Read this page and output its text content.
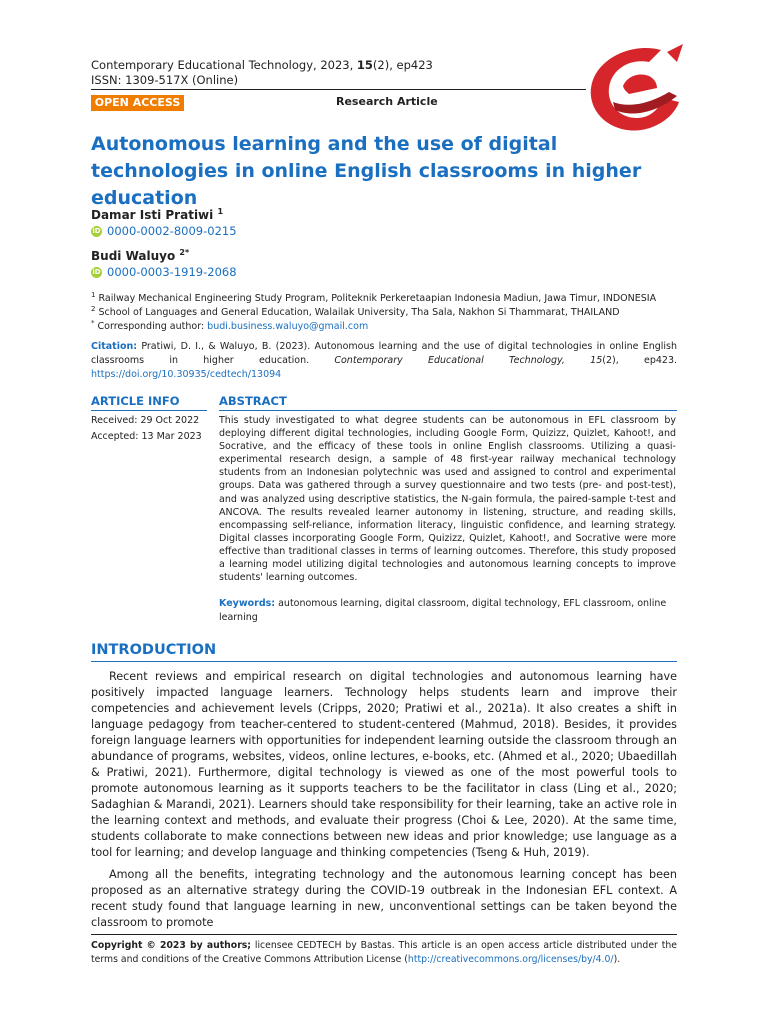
Contemporary Educational Technology, 2023, 15(2), ep423
ISSN: 1309-517X (Online)
OPEN ACCESS	Research Article
Autonomous learning and the use of digital technologies in online English classrooms in higher education
Damar Isti Pratiwi $^1$
iD 0000-0002-8009-0215
Budi Waluyo $^{2*}$
iD 0000-0003-1919-2068
$^1$ Railway Mechanical Engineering Study Program, Politeknik Perkeretaapian Indonesia Madiun, Jawa Timur, INDONESIA
$^2$ School of Languages and General Education, Walailak University, Tha Sala, Nakhon Si Thammarat, THAILAND
* Corresponding author: budi.business.waluyo@gmail.com
Citation: Pratiwi, D. I., & Waluyo, B. (2023). Autonomous learning and the use of digital technologies in online English classrooms in higher education. Contemporary Educational Technology, 15(2), ep423. https://doi.org/10.30935/cedtech/13094
ARTICLE INFO
Received: 29 Oct 2022
Accepted: 13 Mar 2023
ABSTRACT
This study investigated to what degree students can be autonomous in EFL classroom by deploying different digital technologies, including Google Form, Quizizz, Quizlet, Kahoot!, and Socrative, and the efficacy of these tools in online English classrooms. Utilizing a quasi-experimental research design, a sample of 48 first-year railway mechanical technology students from an Indonesian polytechnic was used and assigned to control and experimental groups. Data was gathered through a survey questionnaire and two tests (pre- and post-test), and was analyzed using descriptive statistics, the N-gain formula, the paired-sample t-test and ANCOVA. The results revealed learner autonomy in listening, structure, and reading skills, encompassing self-reliance, information literacy, linguistic confidence, and learning strategy. Digital classes incorporating Google Form, Quizizz, Quizlet, Kahoot!, and Socrative were more effective than traditional classes in terms of learning outcomes. Therefore, this study proposed a learning model utilizing digital technologies and autonomous learning concepts to improve students' learning outcomes.
Keywords: autonomous learning, digital classroom, digital technology, EFL classroom, online learning
INTRODUCTION

Recent reviews and empirical research on digital technologies and autonomous learning have positively impacted language learners. Technology helps students learn and improve their competencies and achievement levels (Cripps, 2020; Pratiwi et al., 2021a). It also creates a shift in language pedagogy from teacher-centered to student-centered (Mahmud, 2018). Besides, it provides foreign language learners with opportunities for independent learning outside the classroom through an abundance of programs, websites, videos, online lectures, e-books, etc. (Ahmed et al., 2020; Ubaedillah & Pratiwi, 2021). Furthermore, digital technology is viewed as one of the most powerful tools to promote autonomous learning as it supports teachers to be the facilitator in class (Ling et al., 2020; Sadaghian & Marandi, 2021). Learners should take responsibility for their learning, take an active role in the learning context and methods, and evaluate their progress (Choi & Lee, 2020). At the same time, students collaborate to make connections between new ideas and prior knowledge; use language as a tool for learning; and develop language and thinking competencies (Tseng & Huh, 2019).

Among all the benefits, integrating technology and the autonomous learning concept has been proposed as an alternative strategy during the COVID-19 outbreak in the Indonesian EFL context. A recent study found that language learning in new, unconventional settings can be taken beyond the classroom to promote

Copyright © 2023 by authors; licensee CEDTECH by Bastas. This article is an open access article distributed under the terms and conditions of the Creative Commons Attribution License (http://creativecommons.org/licenses/by/4.0/).
